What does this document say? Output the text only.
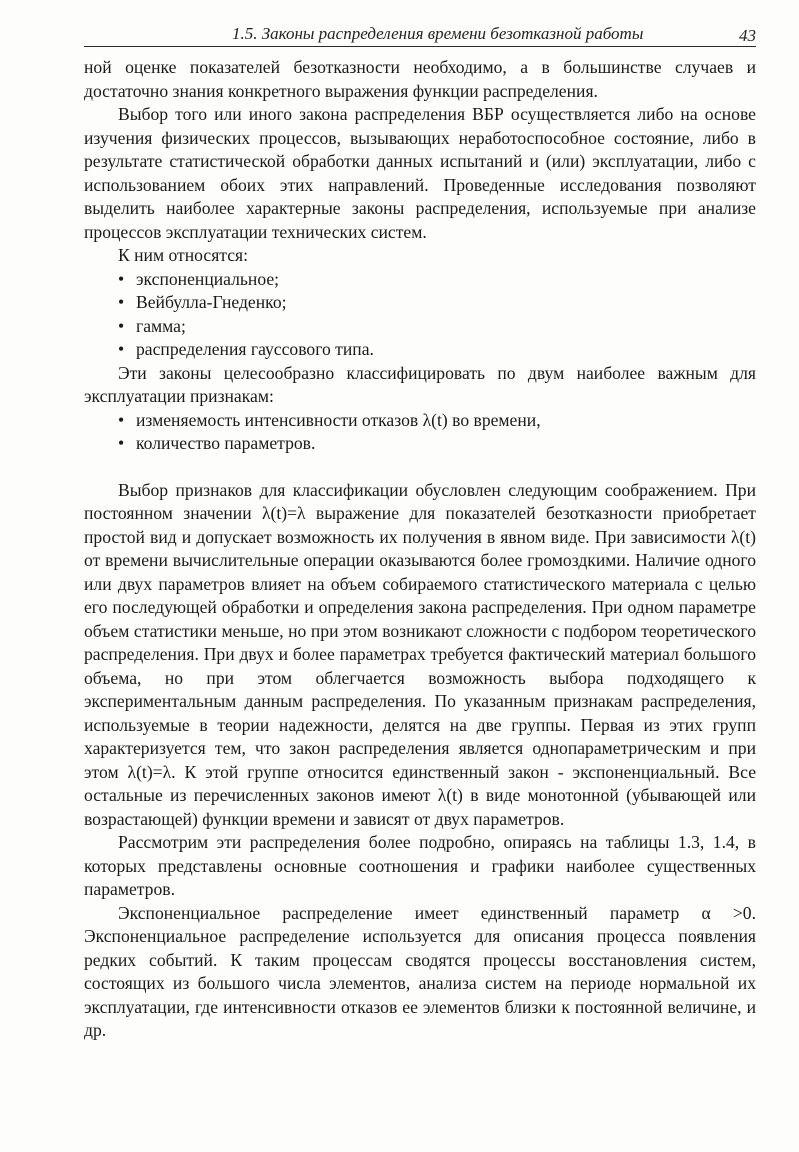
1.5. Законы распределения времени безотказной работы	43

ной оценке показателей безотказности необходимо, а в большинстве случаев и достаточно знания конкретного выражения функции распределения.

Выбор того или иного закона распределения ВБР осуществляется либо на основе изучения физических процессов, вызывающих неработоспособное состояние, либо в результате статистической обработки данных испытаний и (или) эксплуатации, либо с использованием обоих этих направлений. Проведенные исследования позволяют выделить наиболее характерные законы распределения, используемые при анализе процессов эксплуатации технических систем.

К ним относятся:

• экспоненциальное;
• Вейбулла-Гнеденко;
• гамма;
• распределения гауссового типа.

Эти законы целесообразно классифицировать по двум наиболее важным для эксплуатации признакам:

• изменяемость интенсивности отказов λ(t) во времени,
• количество параметров.

Выбор признаков для классификации обусловлен следующим соображением. При постоянном значении λ(t)=λ выражение для показателей безотказности приобретает простой вид и допускает возможность их получения в явном виде. При зависимости λ(t) от времени вычислительные операции оказываются более громоздкими. Наличие одного или двух параметров влияет на объем собираемого статистического материала с целью его последующей обработки и определения закона распределения. При одном параметре объем статистики меньше, но при этом возникают сложности с подбором теоретического распределения. При двух и более параметрах требуется фактический материал большого объема, но при этом облегчается возможность выбора подходящего к экспериментальным данным распределения. По указанным признакам распределения, используемые в теории надежности, делятся на две группы. Первая из этих групп характеризуется тем, что закон распределения является однопараметрическим и при этом λ(t)=λ. К этой группе относится единственный закон - экспоненциальный. Все остальные из перечисленных законов имеют λ(t) в виде монотонной (убывающей или возрастающей) функции времени и зависят от двух параметров.

Рассмотрим эти распределения более подробно, опираясь на таблицы 1.3, 1.4, в которых представлены основные соотношения и графики наиболее существенных параметров.

Экспоненциальное распределение имеет единственный параметр α >0. Экспоненциальное распределение используется для описания процесса появления редких событий. К таким процессам сводятся процессы восстановления систем, состоящих из большого числа элементов, анализа систем на периоде нормальной их эксплуатации, где интенсивности отказов ее элементов близки к постоянной величине, и др.
